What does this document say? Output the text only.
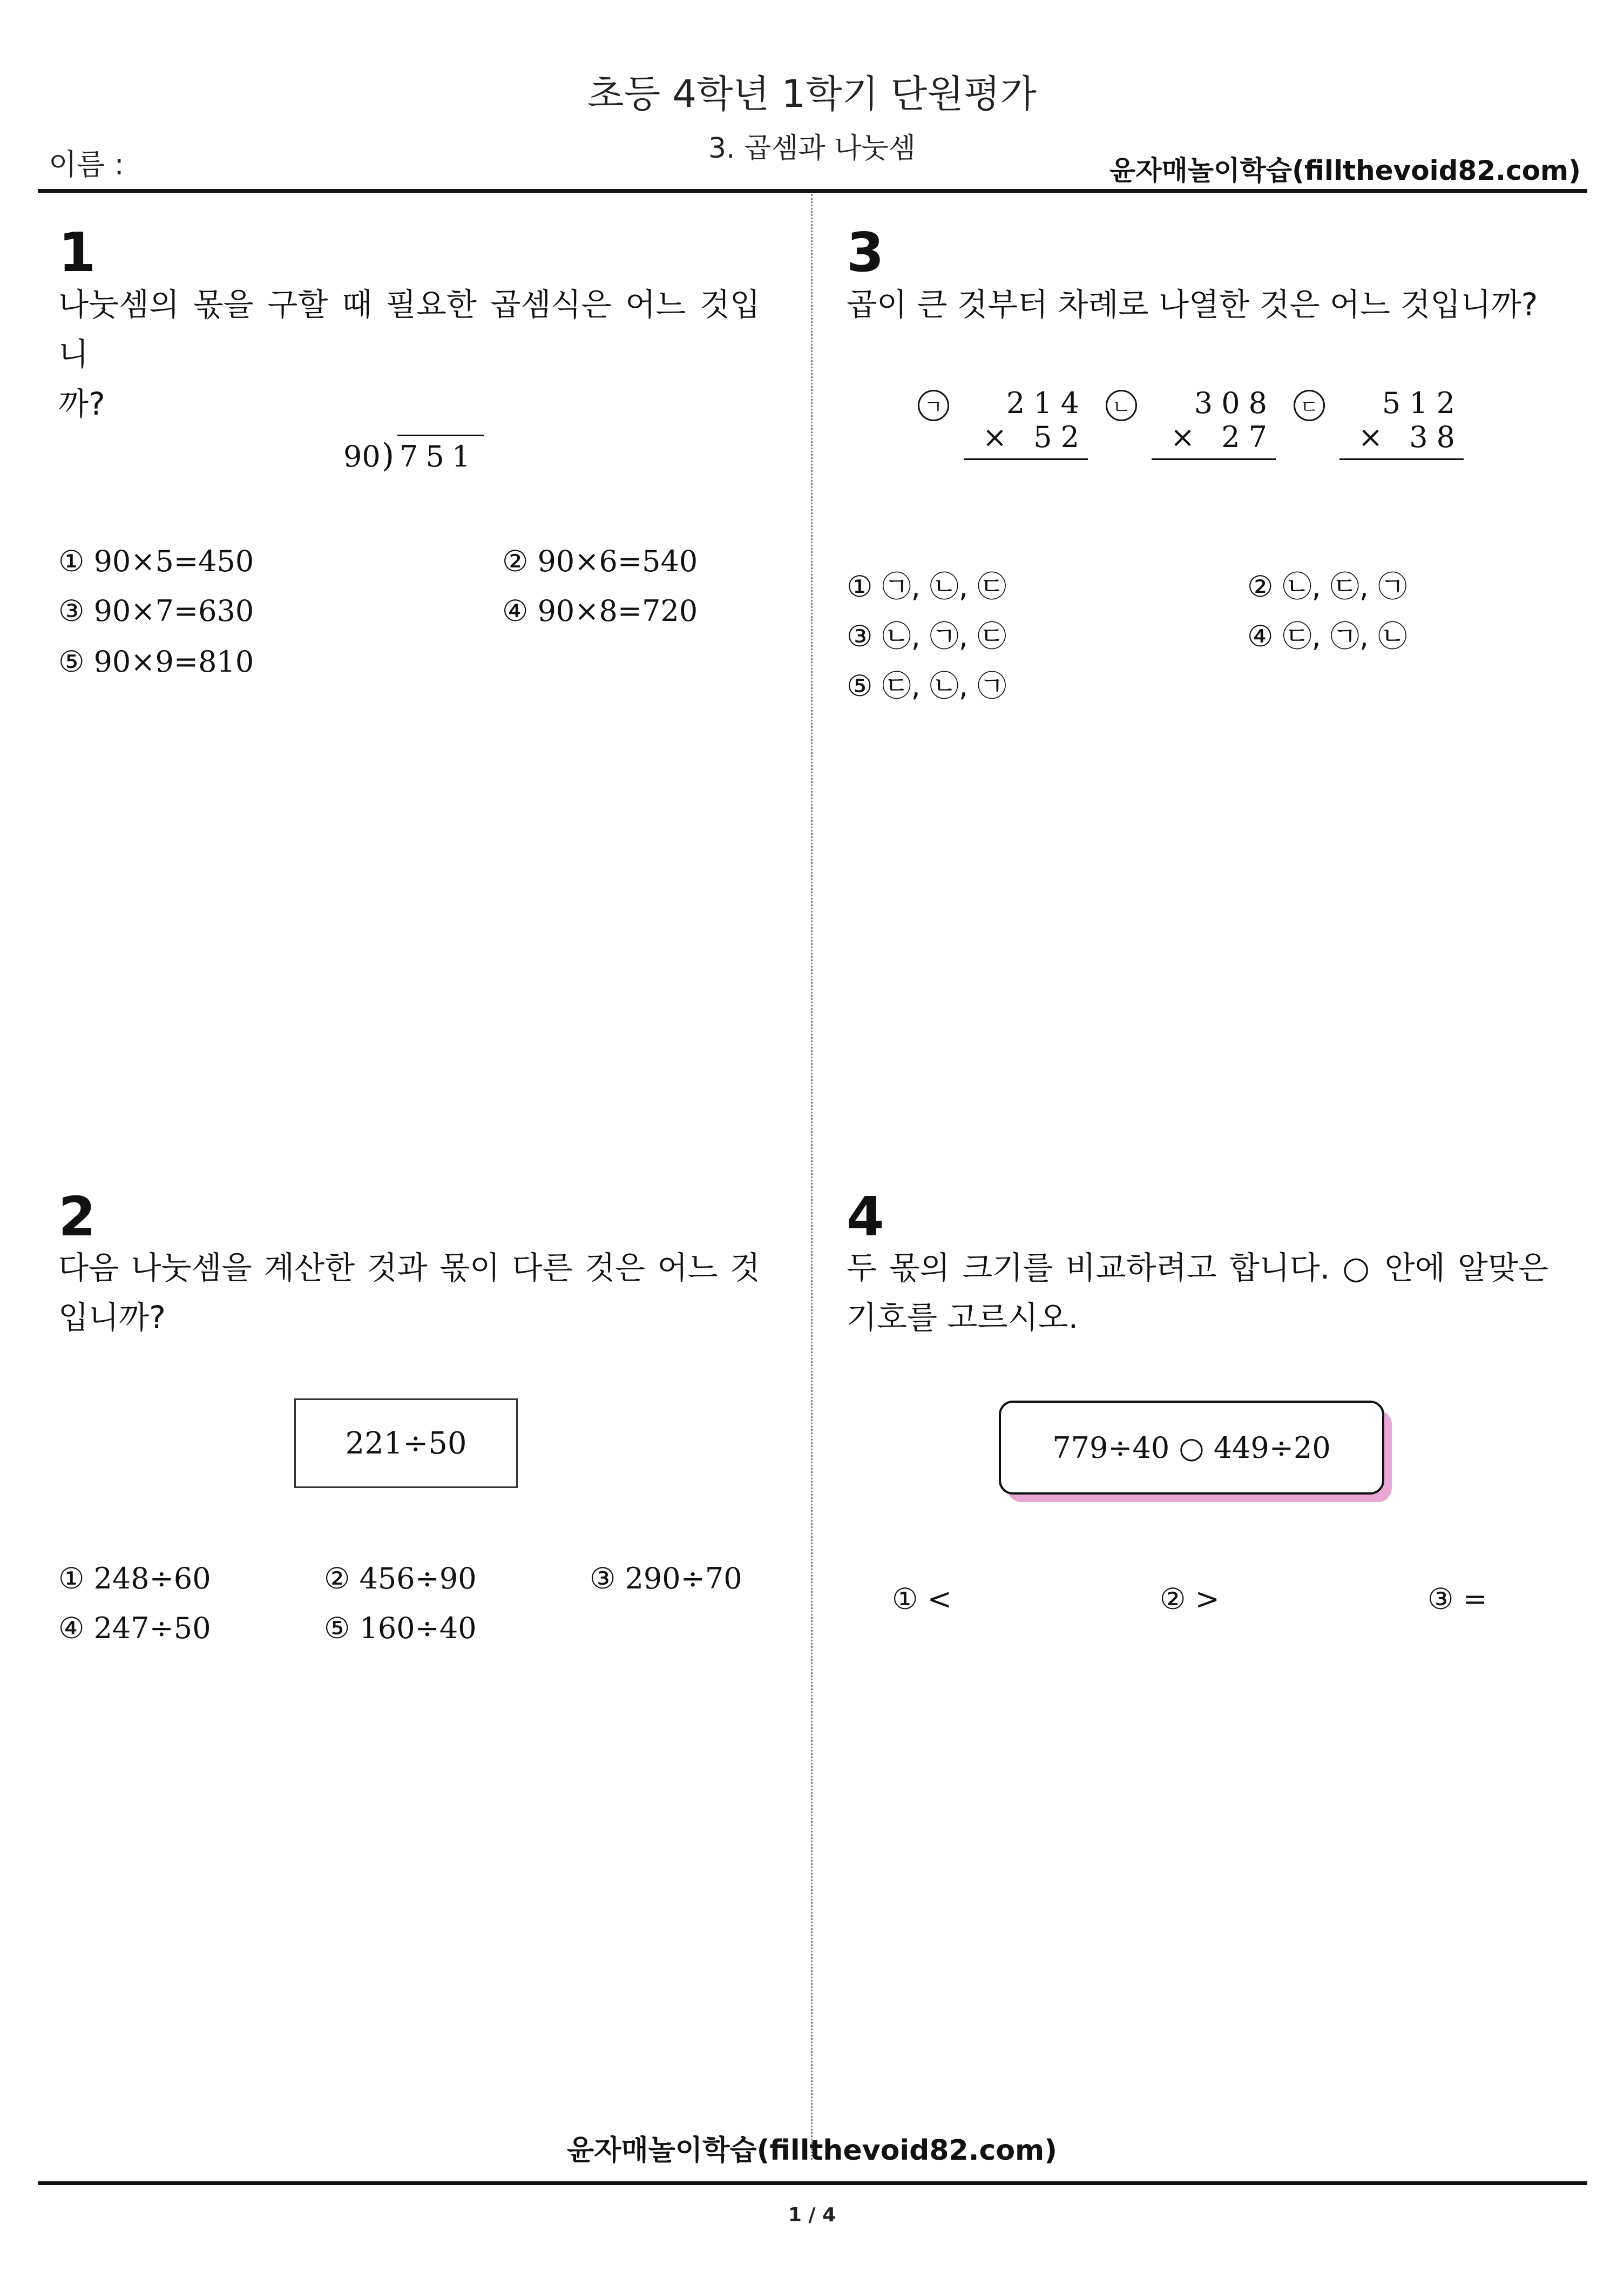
초등 4학년 1학기 단원평가
3. 곱셈과 나눗셈
이름 :	윤자매놀이학습(fillthevoid82.com)
1
나눗셈의 몫을 구할 때 필요한 곱셈식은 어느 것입니
까?
90) 751
① 90×5=450	② 90×6=540
③ 90×7=630	④ 90×8=720
⑤ 90×9=810
2
다음 나눗셈을 계산한 것과 몫이 다른 것은 어느 것
입니까?
221÷50
① 248÷60	② 456÷90	③ 290÷70
④ 247÷50	⑤ 160÷40
3
곱이 큰 것부터 차례로 나열한 것은 어느 것입니까?
ㄱ	214
× 52
ㄴ	308
× 27
ㄷ	512
× 38
① ㉠, ㉡, ㉢	② ㉡, ㉢, ㉠
③ ㉡, ㉠, ㉢	④ ㉢, ㉠, ㉡
⑤ ㉢, ㉡, ㉠
4
두 몫의 크기를 비교하려고 합니다. ○ 안에 알맞은
기호를 고르시오.
779÷40 ○ 449÷20
① <	② >	③ =
윤자매놀이학습(fillthevoid82.com)
1 / 4
